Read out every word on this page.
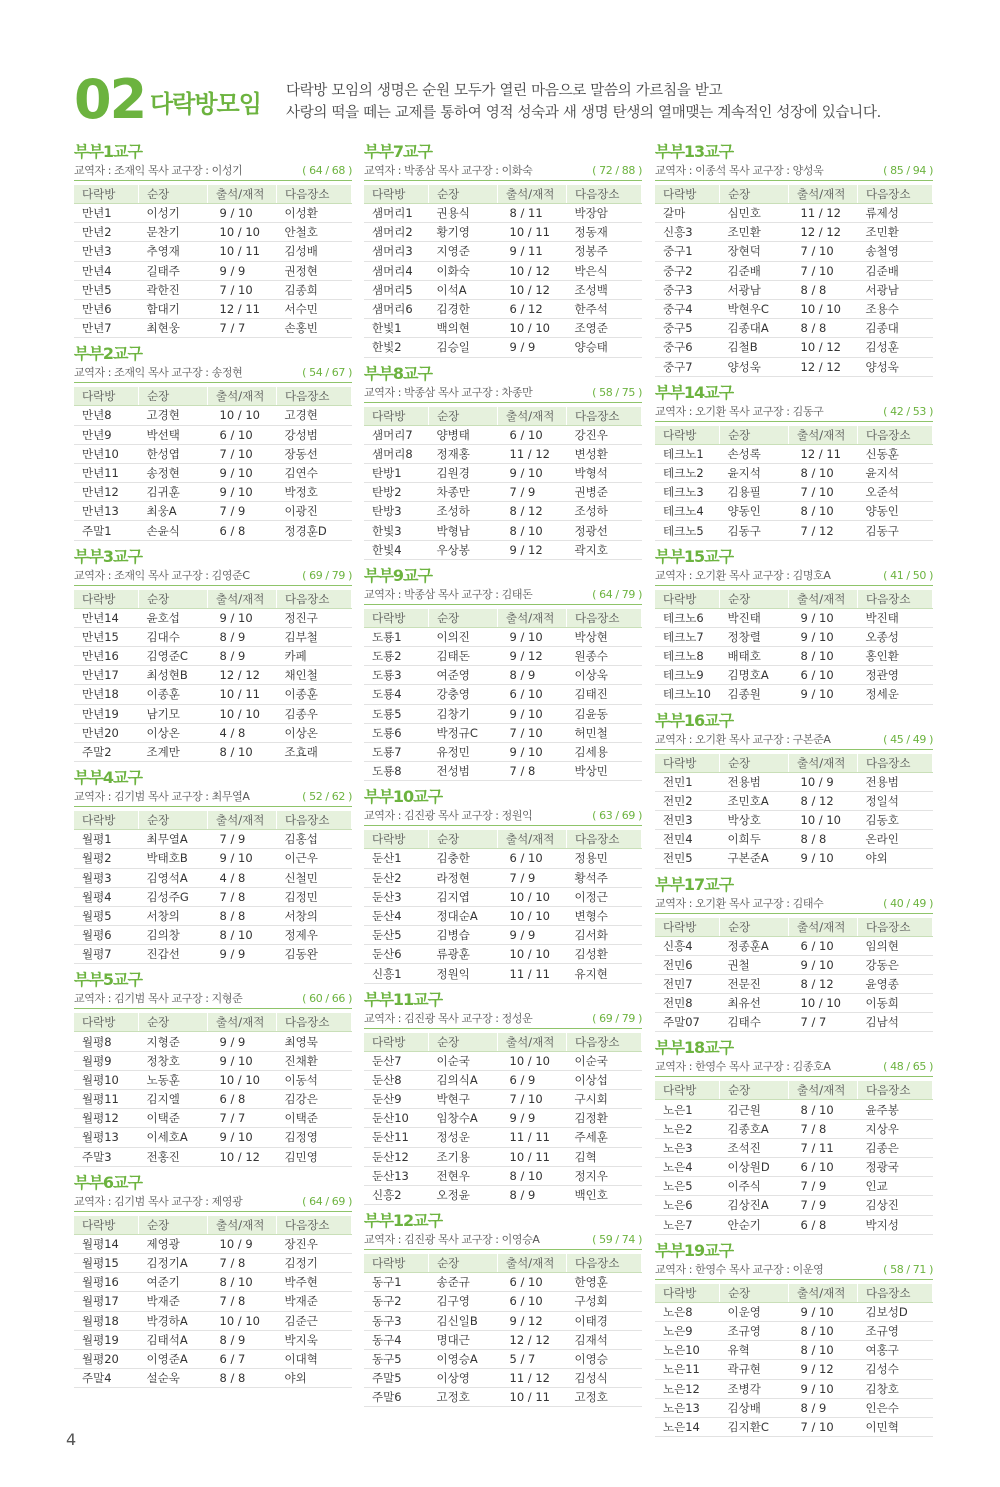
02 다락방모임 다락방 모임의 생명은 순원 모두가 열린 마음으로 말씀의 가르침을 받고
사랑의 떡을 떼는 교제를 통하여 영적 성숙과 새 생명 탄생의 열매맺는 계속적인 성장에 있습니다.
부부1교구
교역자 : 조재익 목사 교구장 : 이성기	( 64 / 68 )
다락방	순장	출석/재적	다음장소
만년1	이성기	9 / 10	이성환
만년2	문찬기	10 / 10	안철호
만년3	추영재	10 / 11	김성배
만년4	길태주	9 / 9	권정현
만년5	곽한진	7 / 10	김종희
만년6	함대기	12 / 11	서수민
만년7	최현웅	7 / 7	손홍빈
부부2교구
교역자 : 조재익 목사 교구장 : 송정현	( 54 / 67 )
다락방	순장	출석/재적	다음장소
만년8	고경현	10 / 10	고경현
만년9	박선택	6 / 10	강성범
만년10	한성엽	7 / 10	장동선
만년11	송정현	9 / 10	김연수
만년12	김귀훈	9 / 10	박정호
만년13	최웅A	7 / 9	이광진
주말1	손윤식	6 / 8	정경훈D
부부3교구
교역자 : 조재익 목사 교구장 : 김영준C	( 69 / 79 )
다락방	순장	출석/재적	다음장소
만년14	윤호섭	9 / 10	정진구
만년15	김대수	8 / 9	김부철
만년16	김영준C	8 / 9	카페
만년17	최성현B	12 / 12	채인철
만년18	이종훈	10 / 11	이종훈
만년19	남기모	10 / 10	김종우
만년20	이상온	4 / 8	이상온
주말2	조계만	8 / 10	조효래
부부4교구
교역자 : 김기범 목사 교구장 : 최무열A	( 52 / 62 )
다락방	순장	출석/재적	다음장소
월평1	최무열A	7 / 9	김홍섭
월평2	박태호B	9 / 10	이근우
월평3	김영석A	4 / 8	신철민
월평4	김성주G	7 / 8	김정민
월평5	서창의	8 / 8	서창의
월평6	김의창	8 / 10	정제우
월평7	진갑선	9 / 9	김동완
부부5교구
교역자 : 김기범 목사 교구장 : 지형준	( 60 / 66 )
다락방	순장	출석/재적	다음장소
월평8	지형준	9 / 9	최영묵
월평9	정창호	9 / 10	진채환
월평10	노동훈	10 / 10	이동석
월평11	김지엘	6 / 8	김강은
월평12	이택준	7 / 7	이택준
월평13	이세호A	9 / 10	김정영
주말3	전홍진	10 / 12	김민영
부부6교구
교역자 : 김기범 목사 교구장 : 제영광	( 64 / 69 )
다락방	순장	출석/재적	다음장소
월평14	제영광	10 / 9	장진우
월평15	김정기A	7 / 8	김정기
월평16	여준기	8 / 10	박주현
월평17	박재준	7 / 8	박재준
월평18	박경하A	10 / 10	김준근
월평19	김태석A	8 / 9	박지욱
월평20	이영준A	6 / 7	이대혁
주말4	설순욱	8 / 8	야외
부부7교구
교역자 : 박종삼 목사 교구장 : 이화숙	( 72 / 88 )
다락방	순장	출석/재적	다음장소
샘머리1	권용식	8 / 11	박장암
샘머리2	황기영	10 / 11	정동재
샘머리3	지영준	9 / 11	정봉주
샘머리4	이화숙	10 / 12	박은식
샘머리5	이석A	10 / 12	조성백
샘머리6	김경한	6 / 12	한주석
한빛1	백의현	10 / 10	조영준
한빛2	김승일	9 / 9	양승태
부부8교구
교역자 : 박종삼 목사 교구장 : 차종만	( 58 / 75 )
다락방	순장	출석/재적	다음장소
샘머리7	양병태	6 / 10	강진우
샘머리8	정재홍	11 / 12	변성환
탄방1	김원경	9 / 10	박형석
탄방2	차종만	7 / 9	권병준
탄방3	조성하	8 / 12	조성하
한빛3	박형남	8 / 10	정광선
한빛4	우상봉	9 / 12	곽지호
부부9교구
교역자 : 박종삼 목사 교구장 : 김태돈	( 64 / 79 )
다락방	순장	출석/재적	다음장소
도룡1	이의진	9 / 10	박상현
도룡2	김태돈	9 / 12	원종수
도룡3	여준영	8 / 9	이상욱
도룡4	강충영	6 / 10	김태진
도룡5	김창기	9 / 10	김윤동
도룡6	박정규C	7 / 10	허민철
도룡7	유정민	9 / 10	김세용
도룡8	전성범	7 / 8	박상민
부부10교구
교역자 : 김진광 목사 교구장 : 정원익	( 63 / 69 )
다락방	순장	출석/재적	다음장소
둔산1	김충한	6 / 10	정용민
둔산2	라정현	7 / 9	황석주
둔산3	김지엽	10 / 10	이정근
둔산4	정대순A	10 / 10	변형수
둔산5	김병습	9 / 9	김서화
둔산6	류광훈	10 / 10	김성환
신흥1	정원익	11 / 11	유지현
부부11교구
교역자 : 김진광 목사 교구장 : 정성운	( 69 / 79 )
다락방	순장	출석/재적	다음장소
둔산7	이순국	10 / 10	이순국
둔산8	김의식A	6 / 9	이상섭
둔산9	박현구	7 / 10	구시회
둔산10	임창수A	9 / 9	김정환
둔산11	정성운	11 / 11	주세훈
둔산12	조기용	10 / 11	김혁
둔산13	전현우	8 / 10	정지우
신흥2	오정윤	8 / 9	백인호
부부12교구
교역자 : 김진광 목사 교구장 : 이영승A	( 59 / 74 )
다락방	순장	출석/재적	다음장소
동구1	송준규	6 / 10	한영훈
동구2	김구영	6 / 10	구성회
동구3	김신일B	9 / 12	이태경
동구4	명대근	12 / 12	김재석
동구5	이영승A	5 / 7	이영승
주말5	이상영	11 / 12	김성식
주말6	고정호	10 / 11	고정호
부부13교구
교역자 : 이종석 목사 교구장 : 양성욱	( 85 / 94 )
다락방	순장	출석/재적	다음장소
갈마	심민호	11 / 12	류제성
신흥3	조민환	12 / 12	조민환
중구1	장현덕	7 / 10	송철영
중구2	김준배	7 / 10	김준배
중구3	서광남	8 / 8	서광남
중구4	박현우C	10 / 10	조용수
중구5	김종대A	8 / 8	김종대
중구6	김철B	10 / 12	김성훈
중구7	양성욱	12 / 12	양성욱
부부14교구
교역자 : 오기환 목사 교구장 : 김동구	( 42 / 53 )
다락방	순장	출석/재적	다음장소
테크노1	손성록	12 / 11	신동훈
테크노2	윤지석	8 / 10	윤지석
테크노3	김용필	7 / 10	오준석
테크노4	양동인	8 / 10	양동인
테크노5	김동구	7 / 12	김동구
부부15교구
교역자 : 오기환 목사 교구장 : 김명호A	( 41 / 50 )
다락방	순장	출석/재적	다음장소
테크노6	박진태	9 / 10	박진태
테크노7	정창렬	9 / 10	오종성
테크노8	배태호	8 / 10	홍인환
테크노9	김명호A	6 / 10	정관영
테크노10	김종원	9 / 10	정세운
부부16교구
교역자 : 오기환 목사 교구장 : 구본준A	( 45 / 49 )
다락방	순장	출석/재적	다음장소
전민1	전용범	10 / 9	전용범
전민2	조민호A	8 / 12	정일석
전민3	박상호	10 / 10	김동호
전민4	이희두	8 / 8	온라인
전민5	구본준A	9 / 10	야외
부부17교구
교역자 : 오기환 목사 교구장 : 김태수	( 40 / 49 )
다락방	순장	출석/재적	다음장소
신흥4	정종훈A	6 / 10	임의현
전민6	권철	9 / 10	강동은
전민7	전문진	8 / 12	윤영종
전민8	최유선	10 / 10	이동희
주말07	김태수	7 / 7	김남석
부부18교구
교역자 : 한영수 목사 교구장 : 김종호A	( 48 / 65 )
다락방	순장	출석/재적	다음장소
노은1	김근원	8 / 10	윤주봉
노은2	김종호A	7 / 8	지상우
노은3	조석진	7 / 11	김종은
노은4	이상원D	6 / 10	정광국
노은5	이주식	7 / 9	인교
노은6	김상진A	7 / 9	김상진
노은7	안순기	6 / 8	박지성
부부19교구
교역자 : 한영수 목사 교구장 : 이운영	( 58 / 71 )
다락방	순장	출석/재적	다음장소
노은8	이운영	9 / 10	김보성D
노은9	조규영	8 / 10	조규영
노은10	유혁	8 / 10	여홍구
노은11	곽규현	9 / 12	김성수
노은12	조병각	9 / 10	김창호
노은13	김상배	8 / 9	인은수
노은14	김지환C	7 / 10	이민혁
4
